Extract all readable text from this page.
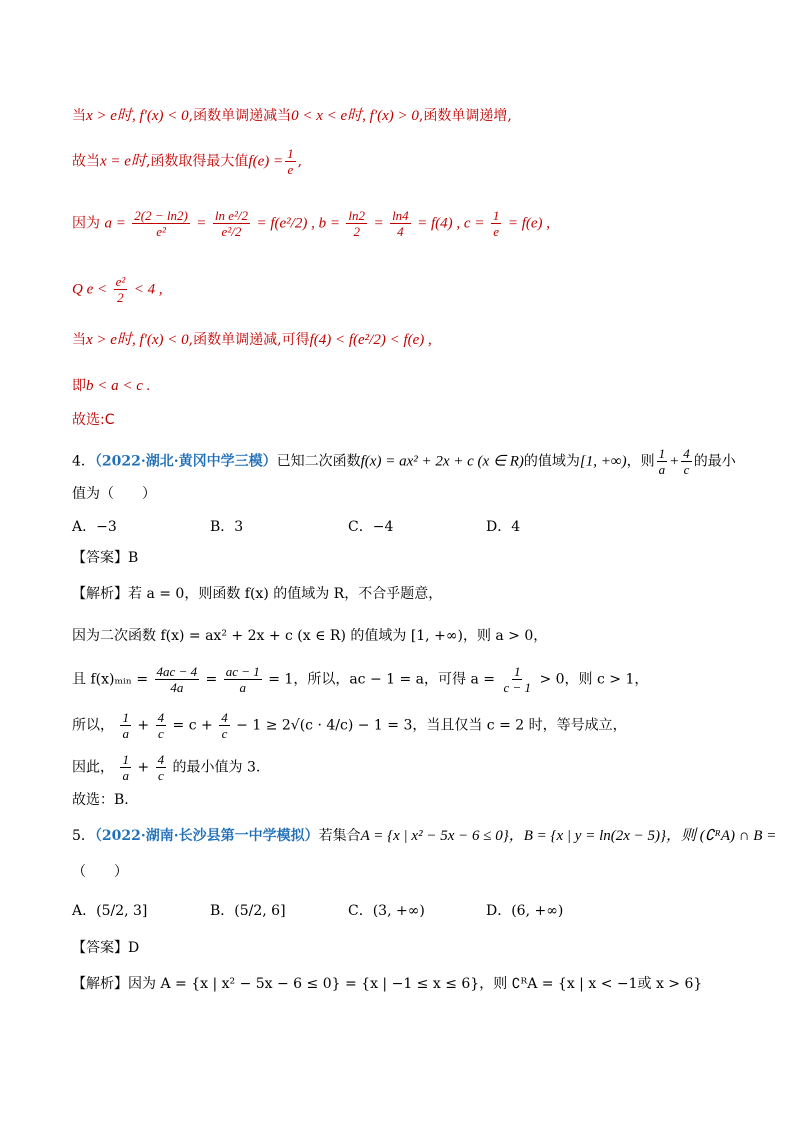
当x > e时, f′(x) < 0,函数单调递减当0 < x < e时, f′(x) > 0,函数单调递增,
故当x = e时,函数取得最大值$f(e) = \frac{1}{e}$ ,
因为 $a = \frac{2(2 - \ln 2)}{\text{e²}} = \frac{\text{ln e²/2}}{\text{e²/2}} = f(e^2/2)$ , $b = \frac{\ln 2}{2} = \frac{\ln 4}{4} = f(4)$ , $c = \frac{1}{e} = f(e)$ ,
Q $e < \frac{\text{e²}}{2} < 4$ ,
当x > e时, f′(x) < 0,函数单调递减,可得f(4) < f(e²/2) < f(e) ,
即b < a < c .
故选:C
4．（2022·湖北·黄冈中学三模）已知二次函数f(x) = ax² + 2x + c (x ∈ R)的值域为[1, +∞)，则 $\frac{1}{a} + \frac{4}{c}$ 的最小
值为（　　）
A．−3	B．3	C．−4	D．4
【答案】B
【解析】若 a = 0，则函数 f(x) 的值域为 R，不合乎题意，
因为二次函数 f(x) = ax² + 2x + c (x ∈ R) 的值域为 [1, +∞)，则 a > 0，
且 f(x)ₘᵢₙ = $\frac{4ac - 4}{4a} = \frac{ac - 1}{a} = 1$，所以，ac − 1 = a，可得 $a = \frac{1}{c - 1} > 0$，则 c > 1，
所以， $\frac{1}{a} + \frac{4}{c} = c + \frac{4}{c} - 1 \ge 2√(c \cdot 4/c) - 1 = 3$，当且仅当 c = 2 时，等号成立，
因此， $\frac{1}{a} + \frac{4}{c}$ 的最小值为 3.
故选：B.
5．（2022·湖南·长沙县第一中学模拟）若集合A = {x | x² − 5x − 6 ≤ 0}，B = {x | y = ln(2x − 5)}，则 (∁ᴿA) ∩ B =
（　　）
A．(5/2, 3]	B．(5/2, 6]	C．(3, +∞)	D．(6, +∞)
【答案】D
【解析】因为 A = {x | x² − 5x − 6 ≤ 0} = {x | −1 ≤ x ≤ 6}，则 ∁ᴿA = {x | x < −1或 x > 6}
